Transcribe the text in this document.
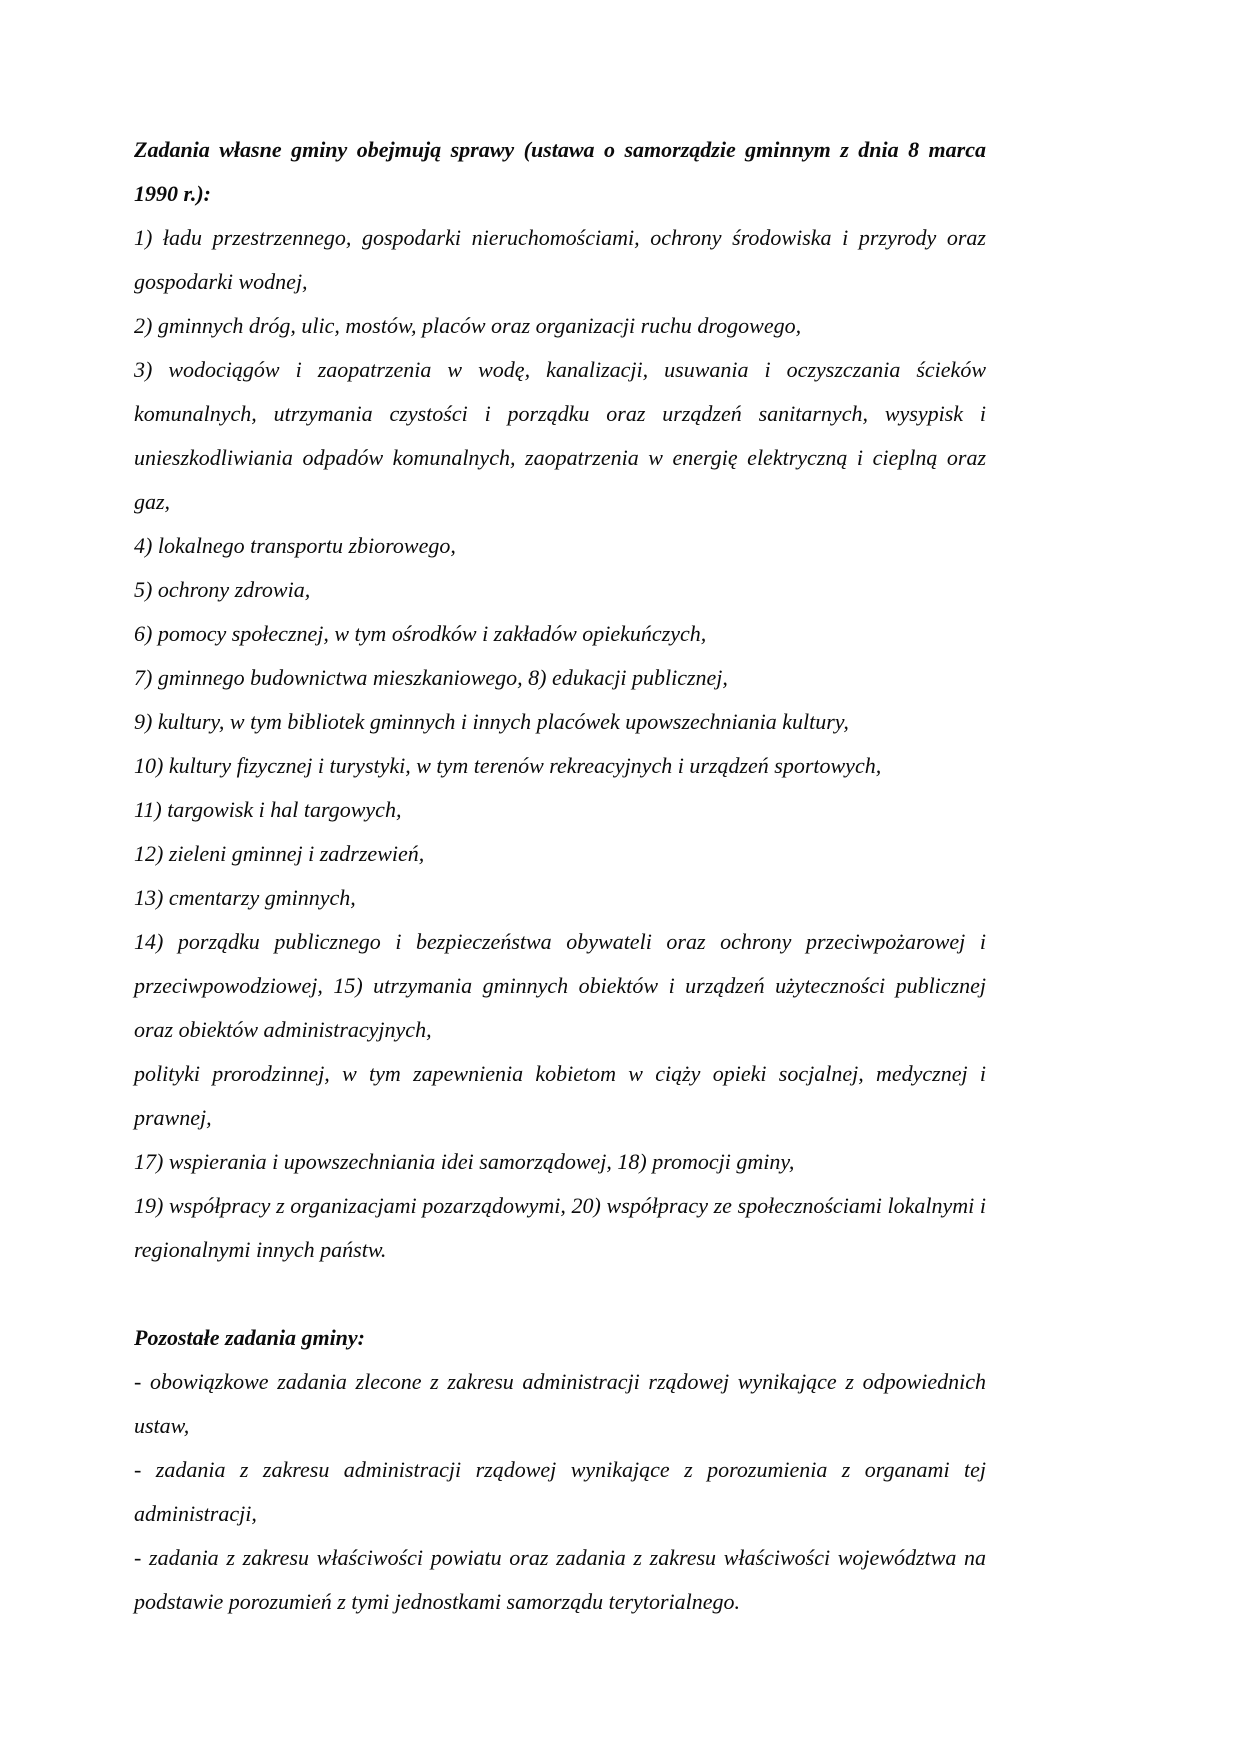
Zadania własne gminy obejmują sprawy (ustawa o samorządzie gminnym z dnia 8 marca 1990 r.):

1) ładu przestrzennego, gospodarki nieruchomościami, ochrony środowiska i przyrody oraz gospodarki wodnej,

2) gminnych dróg, ulic, mostów, placów oraz organizacji ruchu drogowego,

3) wodociągów i zaopatrzenia w wodę, kanalizacji, usuwania i oczyszczania ścieków komunalnych, utrzymania czystości i porządku oraz urządzeń sanitarnych, wysypisk i unieszkodliwiania odpadów komunalnych, zaopatrzenia w energię elektryczną i cieplną oraz gaz,

4) lokalnego transportu zbiorowego,

5) ochrony zdrowia,

6) pomocy społecznej, w tym ośrodków i zakładów opiekuńczych,

7) gminnego budownictwa mieszkaniowego, 8) edukacji publicznej,

9) kultury, w tym bibliotek gminnych i innych placówek upowszechniania kultury,

10) kultury fizycznej i turystyki, w tym terenów rekreacyjnych i urządzeń sportowych,

11) targowisk i hal targowych,

12) zieleni gminnej i zadrzewień,

13) cmentarzy gminnych,

14) porządku publicznego i bezpieczeństwa obywateli oraz ochrony przeciwpożarowej i przeciwpowodziowej, 15) utrzymania gminnych obiektów i urządzeń użyteczności publicznej oraz obiektów administracyjnych,

polityki prorodzinnej, w tym zapewnienia kobietom w ciąży opieki socjalnej, medycznej i prawnej,

17) wspierania i upowszechniania idei samorządowej, 18) promocji gminy,

19) współpracy z organizacjami pozarządowymi, 20) współpracy ze społecznościami lokalnymi i regionalnymi innych państw.

Pozostałe zadania gminy:

- obowiązkowe zadania zlecone z zakresu administracji rządowej wynikające z odpowiednich ustaw,

- zadania z zakresu administracji rządowej wynikające z porozumienia z organami tej administracji,

- zadania z zakresu właściwości powiatu oraz zadania z zakresu właściwości województwa na podstawie porozumień z tymi jednostkami samorządu terytorialnego.
